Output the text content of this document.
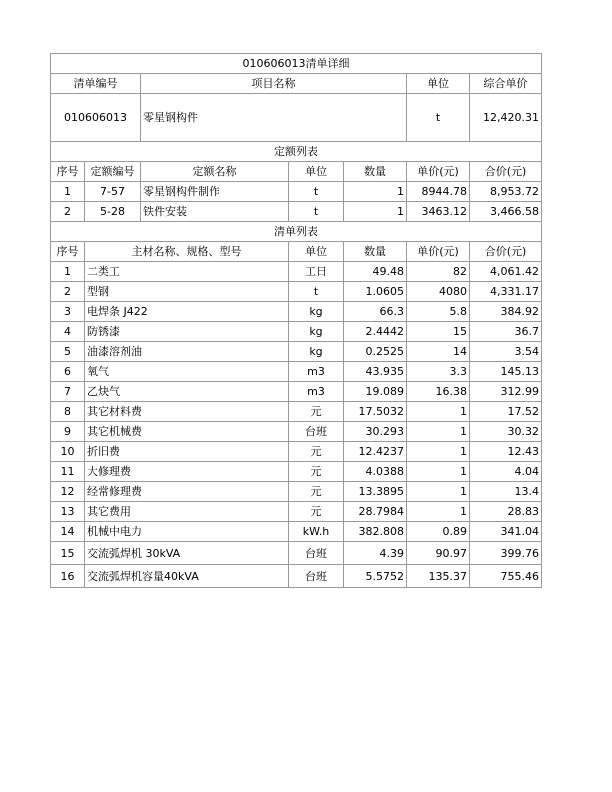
010606013清单详细						
清单编号		项目名称			单位	综合单价
010606013		零星钢构件			t	12,420.31
定额列表						
序号	定额编号	定额名称	单位	数量	单价(元)	合价(元)
1	7-57	零星钢构件制作	t	1	8944.78	8,953.72
2	5-28	铁件安装	t	1	3463.12	3,466.58
清单列表						
序号	主材名称、规格、型号		单位	数量	单价(元)	合价(元)
1	二类工		工日	49.48	82	4,061.42
2	型钢		t	1.0605	4080	4,331.17
3	电焊条 J422		kg	66.3	5.8	384.92
4	防锈漆		kg	2.4442	15	36.7
5	油漆溶剂油		kg	0.2525	14	3.54
6	氧气		m3	43.935	3.3	145.13
7	乙炔气		m3	19.089	16.38	312.99
8	其它材料费		元	17.5032	1	17.52
9	其它机械费		台班	30.293	1	30.32
10	折旧费		元	12.4237	1	12.43
11	大修理费		元	4.0388	1	4.04
12	经常修理费		元	13.3895	1	13.4
13	其它费用		元	28.7984	1	28.83
14	机械中电力		kW.h	382.808	0.89	341.04
15	交流弧焊机 30kVA		台班	4.39	90.97	399.76
16	交流弧焊机容量40kVA		台班	5.5752	135.37	755.46
